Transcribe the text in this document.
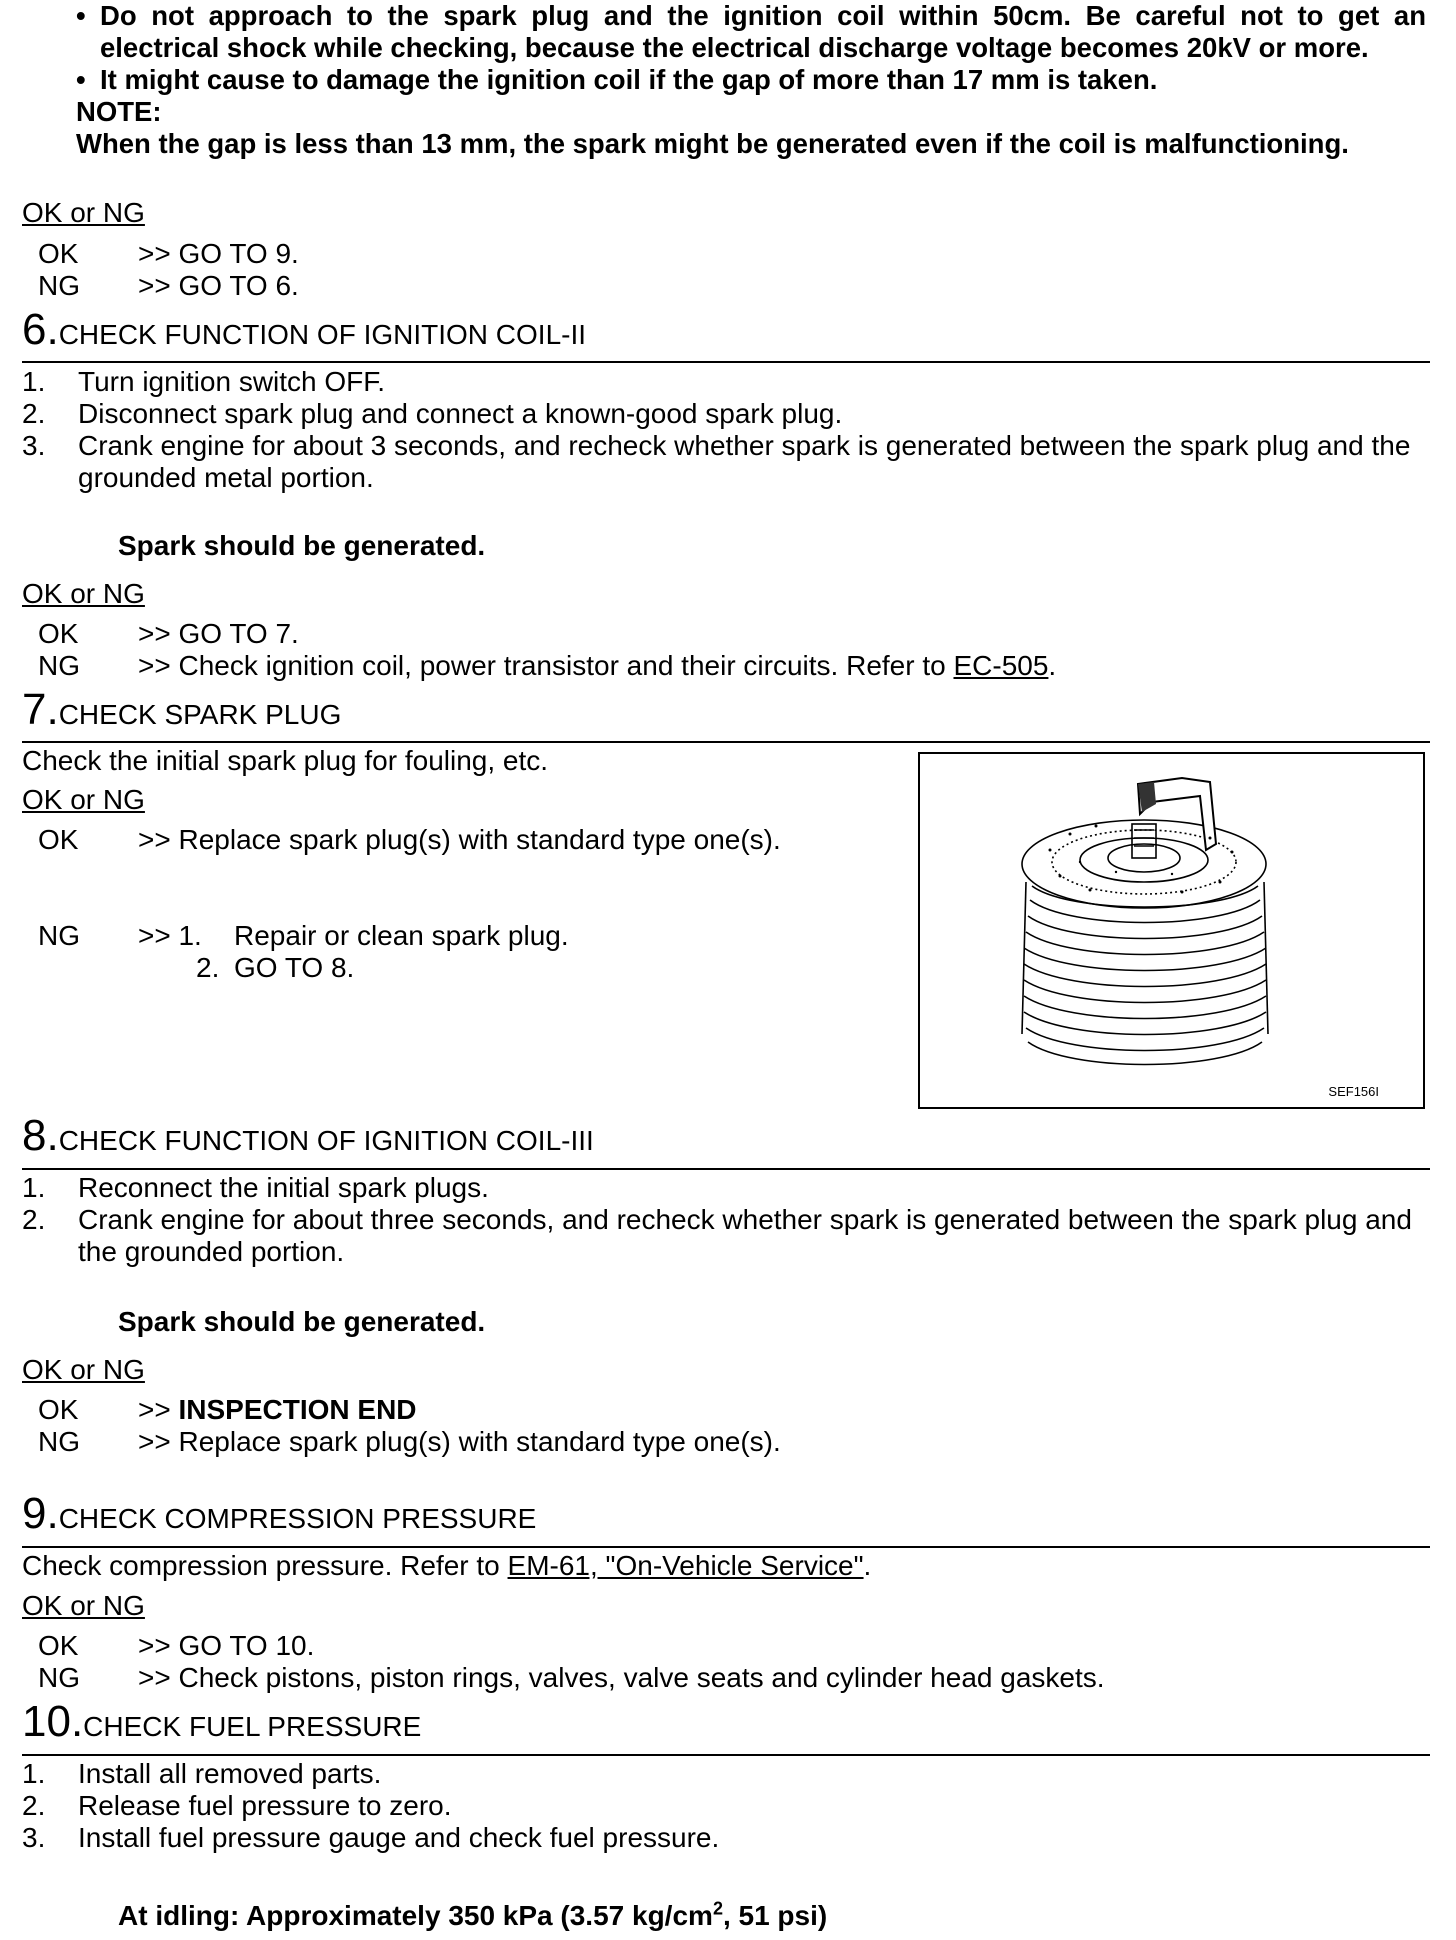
• Do not approach to the spark plug and the ignition coil within 50cm. Be careful not to get an electrical shock while checking, because the electrical discharge voltage becomes 20kV or more.
• It might cause to damage the ignition coil if the gap of more than 17 mm is taken.
NOTE:
When the gap is less than 13 mm, the spark might be generated even if the coil is malfunctioning.
OK or NG
OK >> GO TO 9.
NG >> GO TO 6.
6.CHECK FUNCTION OF IGNITION COIL-II
1. Turn ignition switch OFF.
2. Disconnect spark plug and connect a known-good spark plug.
3. Crank engine for about 3 seconds, and recheck whether spark is generated between the spark plug and the grounded metal portion.
Spark should be generated.
OK or NG
OK >> GO TO 7.
NG >> Check ignition coil, power transistor and their circuits. Refer to EC-505.
7.CHECK SPARK PLUG
Check the initial spark plug for fouling, etc.
OK or NG
OK >> Replace spark plug(s) with standard type one(s).
NG >> 1. Repair or clean spark plug.
2. GO TO 8.
8.CHECK FUNCTION OF IGNITION COIL-III
1. Reconnect the initial spark plugs.
2. Crank engine for about three seconds, and recheck whether spark is generated between the spark plug and the grounded portion.
Spark should be generated.
OK or NG
OK >> INSPECTION END
NG >> Replace spark plug(s) with standard type one(s).
9.CHECK COMPRESSION PRESSURE
Check compression pressure. Refer to EM-61, "On-Vehicle Service".
OK or NG
OK >> GO TO 10.
NG >> Check pistons, piston rings, valves, valve seats and cylinder head gaskets.
10.CHECK FUEL PRESSURE
1. Install all removed parts.
2. Release fuel pressure to zero.
3. Install fuel pressure gauge and check fuel pressure.
At idling: Approximately 350 kPa (3.57 $kg/cm^2$, 51 psi)
SEF156I
